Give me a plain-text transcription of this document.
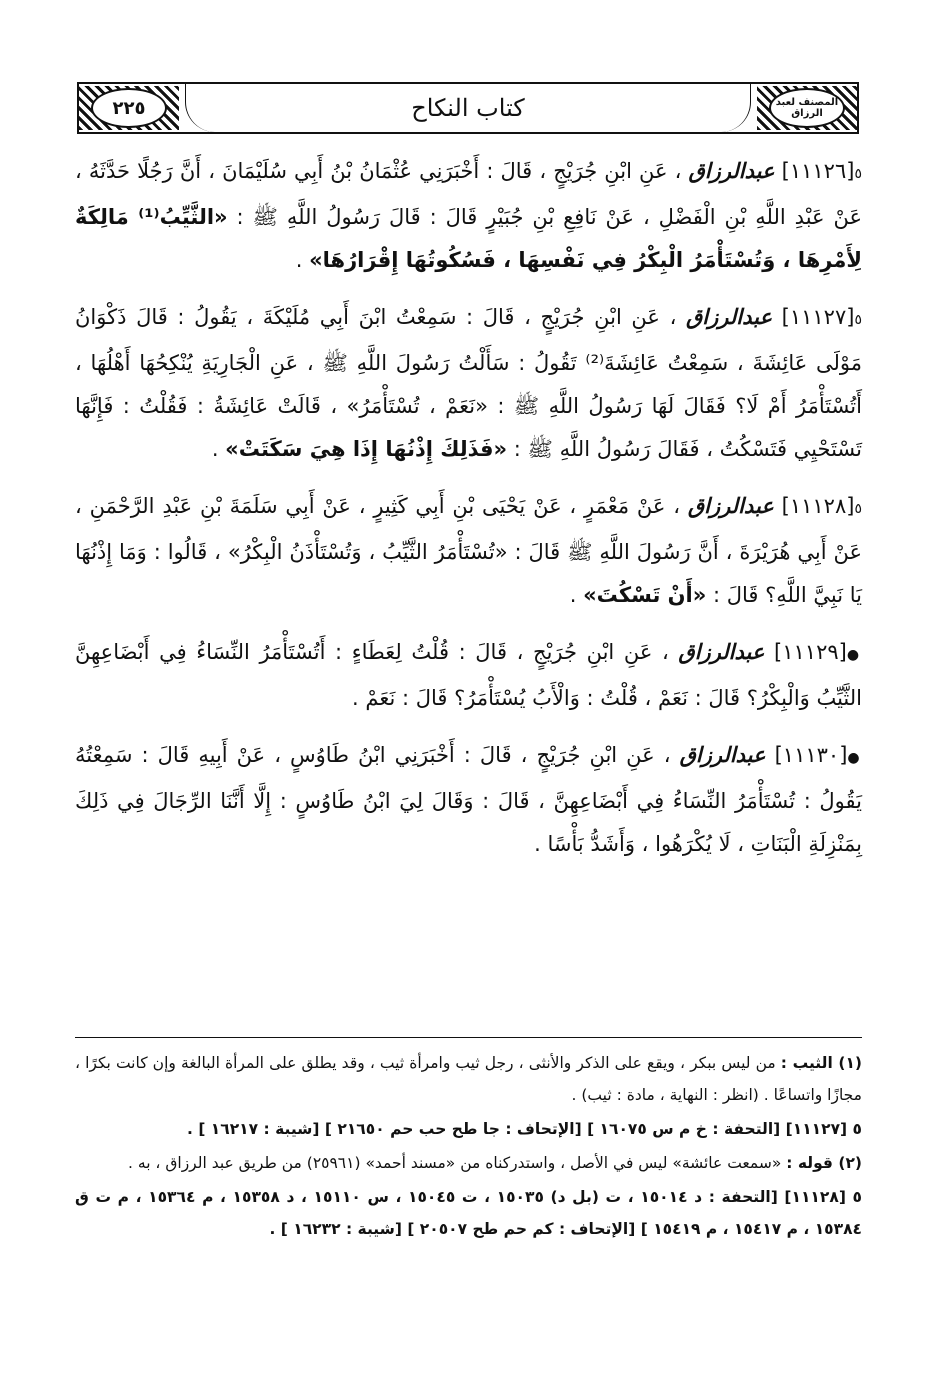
٢٢٥	كتاب النكاح	المصنف لعبد الرزاق
٥[١١١٢٦] عبدالرزاق ، عَنِ ابْنِ جُرَيْجٍ ، قَالَ : أَخْبَرَنِي عُثْمَانُ بْنُ أَبِي سُلَيْمَانَ ، أَنَّ رَجُلًا حَدَّثَهُ ، عَنْ عَبْدِ اللَّهِ بْنِ الْفَضْلِ ، عَنْ نَافِعِ بْنِ جُبَيْرٍ قَالَ : قَالَ رَسُولُ اللَّهِ ﷺ : «الثَّيِّبُ⁽¹⁾ مَالِكَةٌ لِأَمْرِهَا ، وَتُسْتَأْمَرُ الْبِكْرُ فِي نَفْسِهَا ، فَسُكُوتُهَا إِقْرَارُهَا» .
٥[١١١٢٧] عبدالرزاق ، عَنِ ابْنِ جُرَيْجٍ ، قَالَ : سَمِعْتُ ابْنَ أَبِي مُلَيْكَةَ ، يَقُولُ : قَالَ ذَكْوَانُ مَوْلَى عَائِشَةَ ، سَمِعْتُ عَائِشَةَ⁽²⁾ تَقُولُ : سَأَلْتُ رَسُولَ اللَّهِ ﷺ ، عَنِ الْجَارِيَةِ يُنْكِحُهَا أَهْلُهَا ، أَتُسْتَأْمَرُ أَمْ لَا؟ فَقَالَ لَهَا رَسُولُ اللَّهِ ﷺ : «نَعَمْ ، تُسْتَأْمَرُ» ، قَالَتْ عَائِشَةُ : فَقُلْتُ : فَإِنَّهَا تَسْتَحْيِي فَتَسْكُتُ ، فَقَالَ رَسُولُ اللَّهِ ﷺ : «فَذَلِكَ إِذْنُهَا إِذَا هِيَ سَكَتَتْ» .
٥[١١١٢٨] عبدالرزاق ، عَنْ مَعْمَرٍ ، عَنْ يَحْيَى بْنِ أَبِي كَثِيرٍ ، عَنْ أَبِي سَلَمَةَ بْنِ عَبْدِ الرَّحْمَنِ ، عَنْ أَبِي هُرَيْرَةَ ، أَنَّ رَسُولَ اللَّهِ ﷺ قَالَ : «تُسْتَأْمَرُ الثَّيِّبُ ، وَتُسْتَأْذَنُ الْبِكْرُ» ، قَالُوا : وَمَا إِذْنُهَا يَا نَبِيَّ اللَّهِ؟ قَالَ : «أَنْ تَسْكُتَ» .
●[١١١٢٩] عبدالرزاق ، عَنِ ابْنِ جُرَيْجٍ ، قَالَ : قُلْتُ لِعَطَاءٍ : أَتُسْتَأْمَرُ النِّسَاءُ فِي أَبْضَاعِهِنَّ الثَّيِّبُ وَالْبِكْرُ؟ قَالَ : نَعَمْ ، قُلْتُ : وَالْأَبُ يُسْتَأْمَرُ؟ قَالَ : نَعَمْ .
●[١١١٣٠] عبدالرزاق ، عَنِ ابْنِ جُرَيْجٍ ، قَالَ : أَخْبَرَنِي ابْنُ طَاوُسٍ ، عَنْ أَبِيهِ قَالَ : سَمِعْتُهُ يَقُولُ : تُسْتَأْمَرُ النِّسَاءُ فِي أَبْضَاعِهِنَّ ، قَالَ : وَقَالَ لِيَ ابْنُ طَاوُسٍ : إِلَّا أَنَّنَا الرِّجَالَ فِي ذَلِكَ بِمَنْزِلَةِ الْبَنَاتِ ، لَا يُكْرَهُوا ، وَأَشَدُّ بَأْسًا .

(١) الثيب : من ليس ببكر ، ويقع على الذكر والأنثى ، رجل ثيب وامرأة ثيب ، وقد يطلق على المرأة البالغة وإن كانت بكرًا ، مجازًا واتساعًا . (انظر : النهاية ، مادة : ثيب) .

٥ [١١١٢٧] [التحفة : خ م س ١٦٠٧٥ ] [الإتحاف : جا طح حب حم ٢١٦٥٠ ] [شيبة : ١٦٢١٧ ] .

(٢) قوله : «سمعت عائشة» ليس في الأصل ، واستدركناه من «مسند أحمد» (٢٥٩٦١) من طريق عبد الرزاق ، به .

٥ [١١١٢٨] [التحفة : د ١٥٠١٤ ، ت (بل د) ١٥٠٣٥ ، ت ١٥٠٤٥ ، س ١٥١١٠ ، د ١٥٣٥٨ ، م ١٥٣٦٤ ، م ت ق ١٥٣٨٤ ، م ١٥٤١٧ ، م ١٥٤١٩ ] [الإتحاف : كم حم طح ٢٠٥٠٧ ] [شيبة : ١٦٢٣٢ ] .
